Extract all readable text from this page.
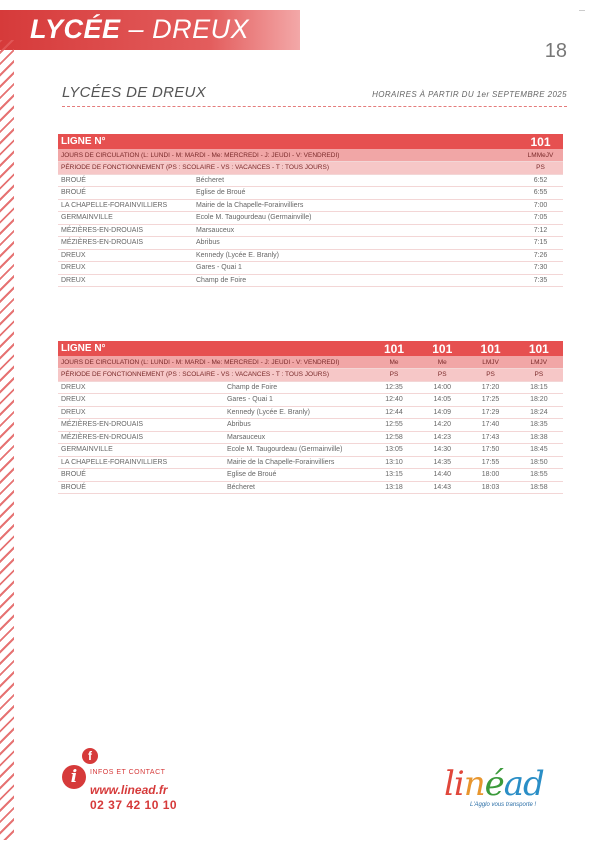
LYCÉE – DREUX
18
LYCÉES DE DREUX	HORAIRES À PARTIR DU 1er SEPTEMBRE 2025
LIGNE N°		101
JOURS DE CIRCULATION (L: LUNDI - M: MARDI - Me: MERCREDI - J: JEUDI - V: VENDREDI)		LMMeJV
PÉRIODE DE FONCTIONNEMENT (PS : SCOLAIRE - VS : VACANCES - T : TOUS JOURS)		PS
BROUÉ	Bécheret	6:52
BROUÉ	Eglise de Broué	6:55
LA CHAPELLE-FORAINVILLIERS	Mairie de la Chapelle-Forainvilliers	7:00
GERMAINVILLE	Ecole M. Taugourdeau (Germainville)	7:05
MÉZIÈRES-EN-DROUAIS	Marsauceux	7:12
MÉZIÈRES-EN-DROUAIS	Abribus	7:15
DREUX	Kennedy (Lycée E. Branly)	7:26
DREUX	Gares - Quai 1	7:30
DREUX	Champ de Foire	7:35
LIGNE N°		101	101	101	101
JOURS DE CIRCULATION (L: LUNDI - M: MARDI - Me: MERCREDI - J: JEUDI - V: VENDREDI)		Me	Me	LMJV	LMJV
PÉRIODE DE FONCTIONNEMENT (PS : SCOLAIRE - VS : VACANCES - T : TOUS JOURS)		PS	PS	PS	PS
DREUX	Champ de Foire	12:35	14:00	17:20	18:15
DREUX	Gares - Quai 1	12:40	14:05	17:25	18:20
DREUX	Kennedy (Lycée E. Branly)	12:44	14:09	17:29	18:24
MÉZIÈRES-EN-DROUAIS	Abribus	12:55	14:20	17:40	18:35
MÉZIÈRES-EN-DROUAIS	Marsauceux	12:58	14:23	17:43	18:38
GERMAINVILLE	Ecole M. Taugourdeau (Germainville)	13:05	14:30	17:50	18:45
LA CHAPELLE-FORAINVILLIERS	Mairie de la Chapelle-Forainvilliers	13:10	14:35	17:55	18:50
BROUÉ	Eglise de Broué	13:15	14:40	18:00	18:55
BROUÉ	Bécheret	13:18	14:43	18:03	18:58
f
i	INFOS ET CONTACT
www.linead.fr
02 37 42 10 10
linéad
L'Agglo vous transporte !
